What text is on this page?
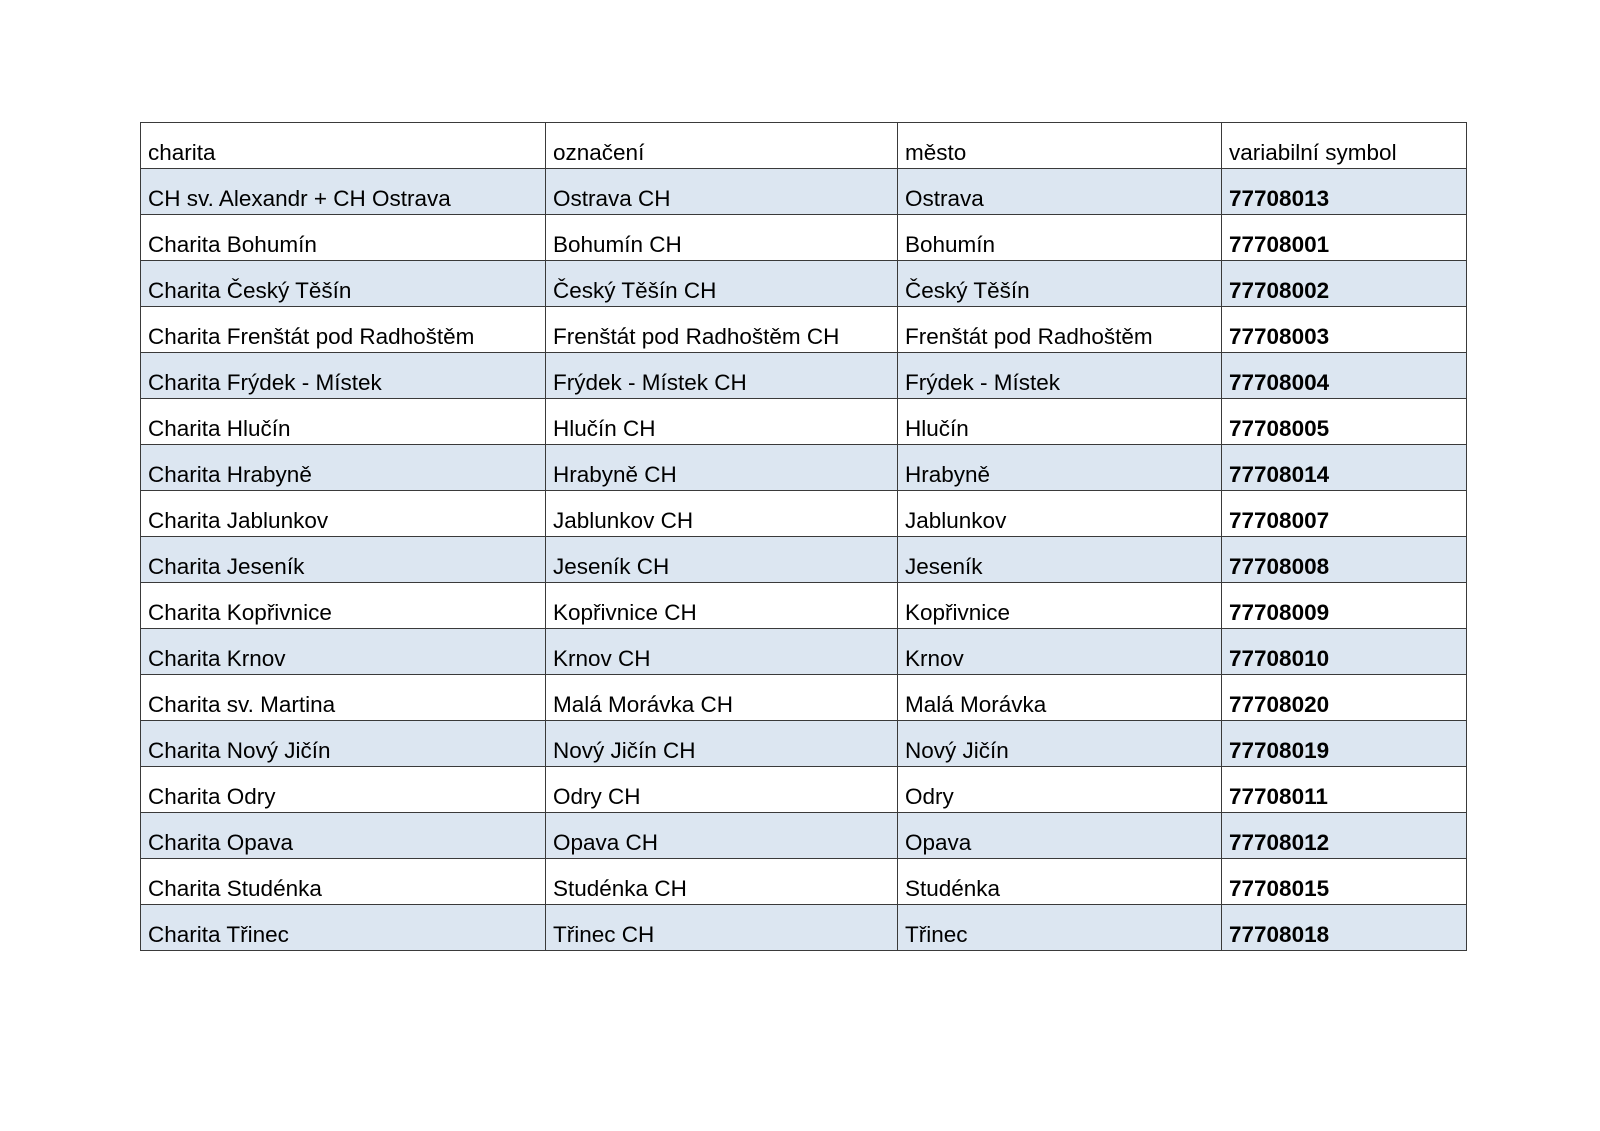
charita	označení	město	variabilní symbol
CH sv. Alexandr + CH Ostrava	Ostrava CH	Ostrava	77708013
Charita Bohumín	Bohumín CH	Bohumín	77708001
Charita Český Těšín	Český Těšín CH	Český Těšín	77708002
Charita Frenštát pod Radhoštěm	Frenštát pod Radhoštěm CH	Frenštát pod Radhoštěm	77708003
Charita Frýdek - Místek	Frýdek - Místek CH	Frýdek - Místek	77708004
Charita Hlučín	Hlučín CH	Hlučín	77708005
Charita Hrabyně	Hrabyně CH	Hrabyně	77708014
Charita Jablunkov	Jablunkov CH	Jablunkov	77708007
Charita Jeseník	Jeseník CH	Jeseník	77708008
Charita Kopřivnice	Kopřivnice CH	Kopřivnice	77708009
Charita Krnov	Krnov CH	Krnov	77708010
Charita sv. Martina	Malá Morávka CH	Malá Morávka	77708020
Charita Nový Jičín	Nový Jičín CH	Nový Jičín	77708019
Charita Odry	Odry CH	Odry	77708011
Charita Opava	Opava CH	Opava	77708012
Charita Studénka	Studénka CH	Studénka	77708015
Charita Třinec	Třinec CH	Třinec	77708018
